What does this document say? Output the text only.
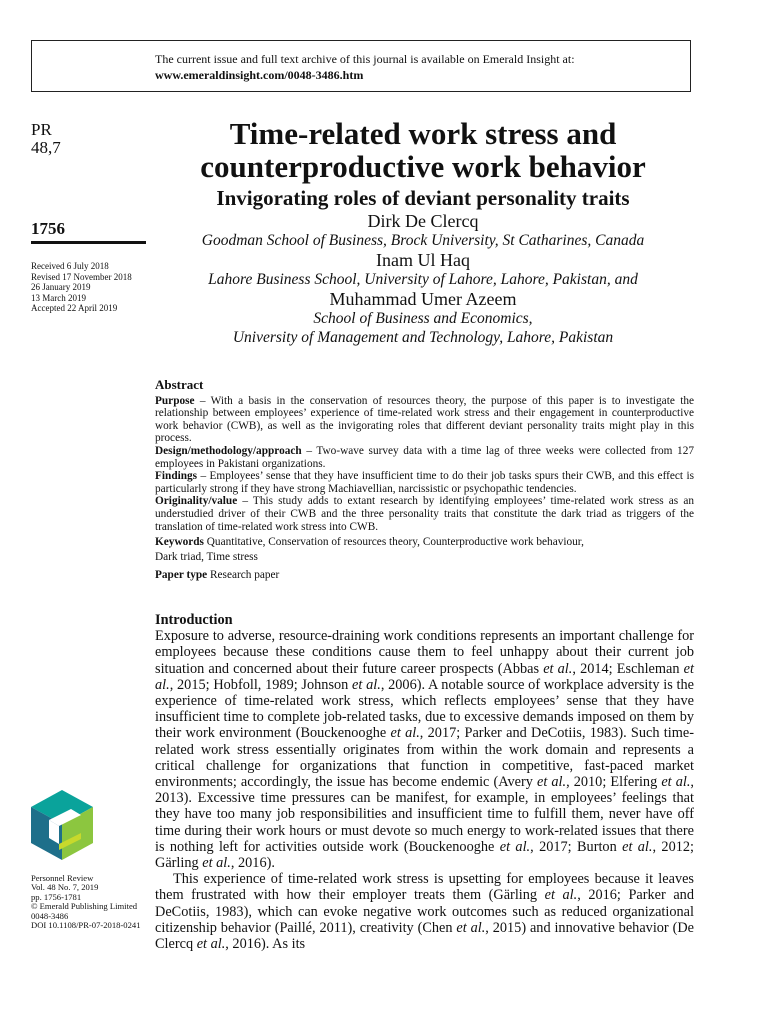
The current issue and full text archive of this journal is available on Emerald Insight at:
www.emeraldinsight.com/0048-3486.htm
PR
48,7
1756
Received 6 July 2018
Revised 17 November 2018
26 January 2019
13 March 2019
Accepted 22 April 2019
Time-related work stress and
counterproductive work behavior
Invigorating roles of deviant personality traits
Dirk De Clercq
Goodman School of Business, Brock University, St Catharines, Canada
Inam Ul Haq
Lahore Business School, University of Lahore, Lahore, Pakistan, and
Muhammad Umer Azeem
School of Business and Economics,
University of Management and Technology, Lahore, Pakistan
Abstract

Purpose – With a basis in the conservation of resources theory, the purpose of this paper is to investigate the relationship between employees’ experience of time-related work stress and their engagement in counterproductive work behavior (CWB), as well as the invigorating roles that different deviant personality traits might play in this process.

Design/methodology/approach – Two-wave survey data with a time lag of three weeks were collected from 127 employees in Pakistani organizations.

Findings – Employees’ sense that they have insufficient time to do their job tasks spurs their CWB, and this effect is particularly strong if they have strong Machiavellian, narcissistic or psychopathic tendencies.

Originality/value – This study adds to extant research by identifying employees’ time-related work stress as an understudied driver of their CWB and the three personality traits that constitute the dark triad as triggers of the translation of time-related work stress into CWB.

Keywords Quantitative, Conservation of resources theory, Counterproductive work behaviour,
Dark triad, Time stress
Paper type Research paper
Introduction

Exposure to adverse, resource-draining work conditions represents an important challenge for employees because these conditions cause them to feel unhappy about their current job situation and concerned about their future career prospects (Abbas et al., 2014; Eschleman et al., 2015; Hobfoll, 1989; Johnson et al., 2006). A notable source of workplace adversity is the experience of time-related work stress, which reflects employees’ sense that they have insufficient time to complete job-related tasks, due to excessive demands imposed on them by their work environment (Bouckenooghe et al., 2017; Parker and DeCotiis, 1983). Such time-related work stress essentially originates from within the work domain and represents a critical challenge for organizations that function in competitive, fast-paced market environments; accordingly, the issue has become endemic (Avery et al., 2010; Elfering et al., 2013). Excessive time pressures can be manifest, for example, in employees’ feelings that they have too many job responsibilities and insufficient time to fulfill them, never have off time during their work hours or must devote so much energy to work-related issues that there is nothing left for activities outside work (Bouckenooghe et al., 2017; Burton et al., 2012; Gärling et al., 2016).

This experience of time-related work stress is upsetting for employees because it leaves them frustrated with how their employer treats them (Gärling et al., 2016; Parker and DeCotiis, 1983), which can evoke negative work outcomes such as reduced organizational citizenship behavior (Paillé, 2011), creativity (Chen et al., 2015) and innovative behavior (De Clercq et al., 2016). As its

Personnel Review
Vol. 48 No. 7, 2019
pp. 1756-1781
© Emerald Publishing Limited
0048-3486
DOI 10.1108/PR-07-2018-0241
